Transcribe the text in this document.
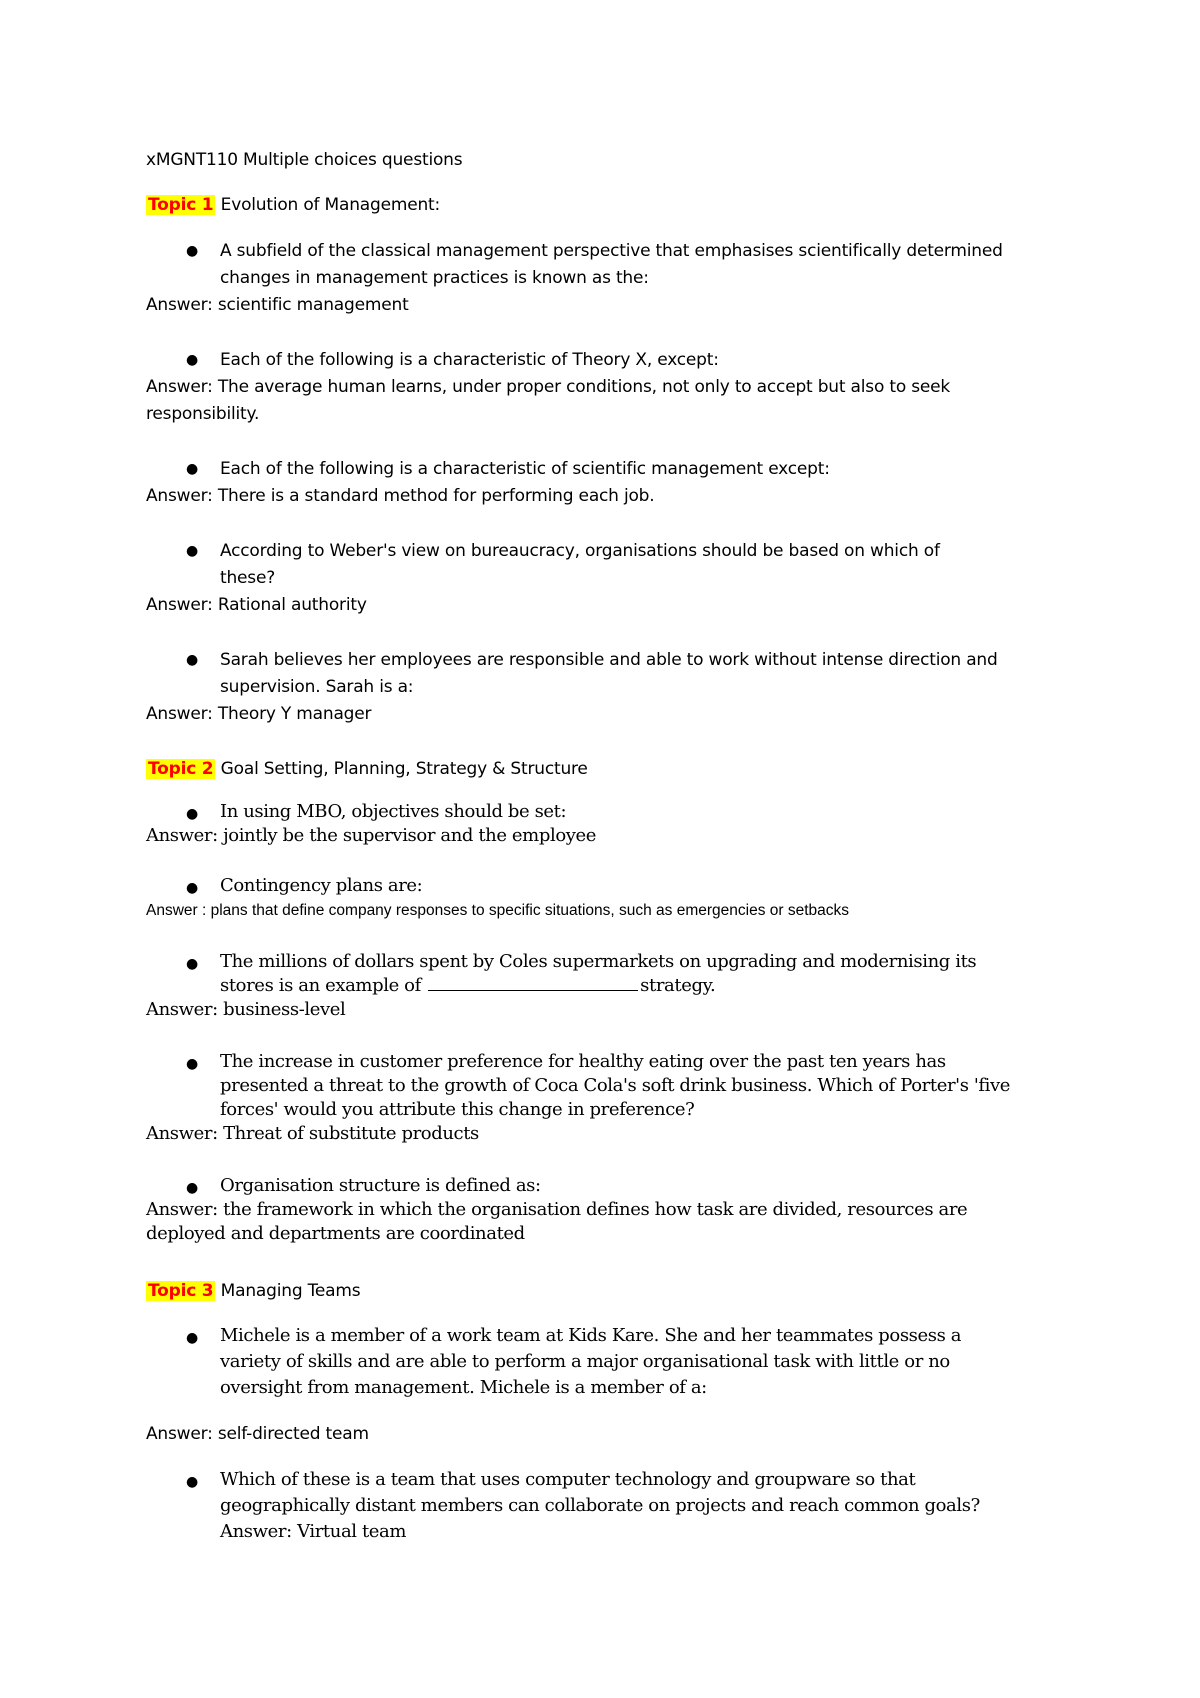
xMGNT110 Multiple choices questions
Topic 1 Evolution of Management:
● A subfield of the classical management perspective that emphasises scientifically determined
changes in management practices is known as the:
Answer: scientific management
● Each of the following is a characteristic of Theory X, except:
Answer: The average human learns, under proper conditions, not only to accept but also to seek
responsibility.
● Each of the following is a characteristic of scientific management except:
Answer: There is a standard method for performing each job.
● According to Weber's view on bureaucracy, organisations should be based on which of
these?
Answer: Rational authority
● Sarah believes her employees are responsible and able to work without intense direction and
supervision. Sarah is a:
Answer: Theory Y manager
Topic 2 Goal Setting, Planning, Strategy & Structure
● In using MBO, objectives should be set:
Answer: jointly be the supervisor and the employee
● Contingency plans are:
Answer : plans that define company responses to specific situations, such as emergencies or setbacks
● The millions of dollars spent by Coles supermarkets on upgrading and modernising its
stores is an example of	strategy.
Answer: business-level
● The increase in customer preference for healthy eating over the past ten years has
presented a threat to the growth of Coca Cola's soft drink business. Which of Porter's 'five
forces' would you attribute this change in preference?
Answer: Threat of substitute products
● Organisation structure is defined as:
Answer: the framework in which the organisation defines how task are divided, resources are
deployed and departments are coordinated
Topic 3 Managing Teams
● Michele is a member of a work team at Kids Kare. She and her teammates possess a
variety of skills and are able to perform a major organisational task with little or no
oversight from management. Michele is a member of a:
Answer: self-directed team
● Which of these is a team that uses computer technology and groupware so that
geographically distant members can collaborate on projects and reach common goals?
Answer: Virtual team
